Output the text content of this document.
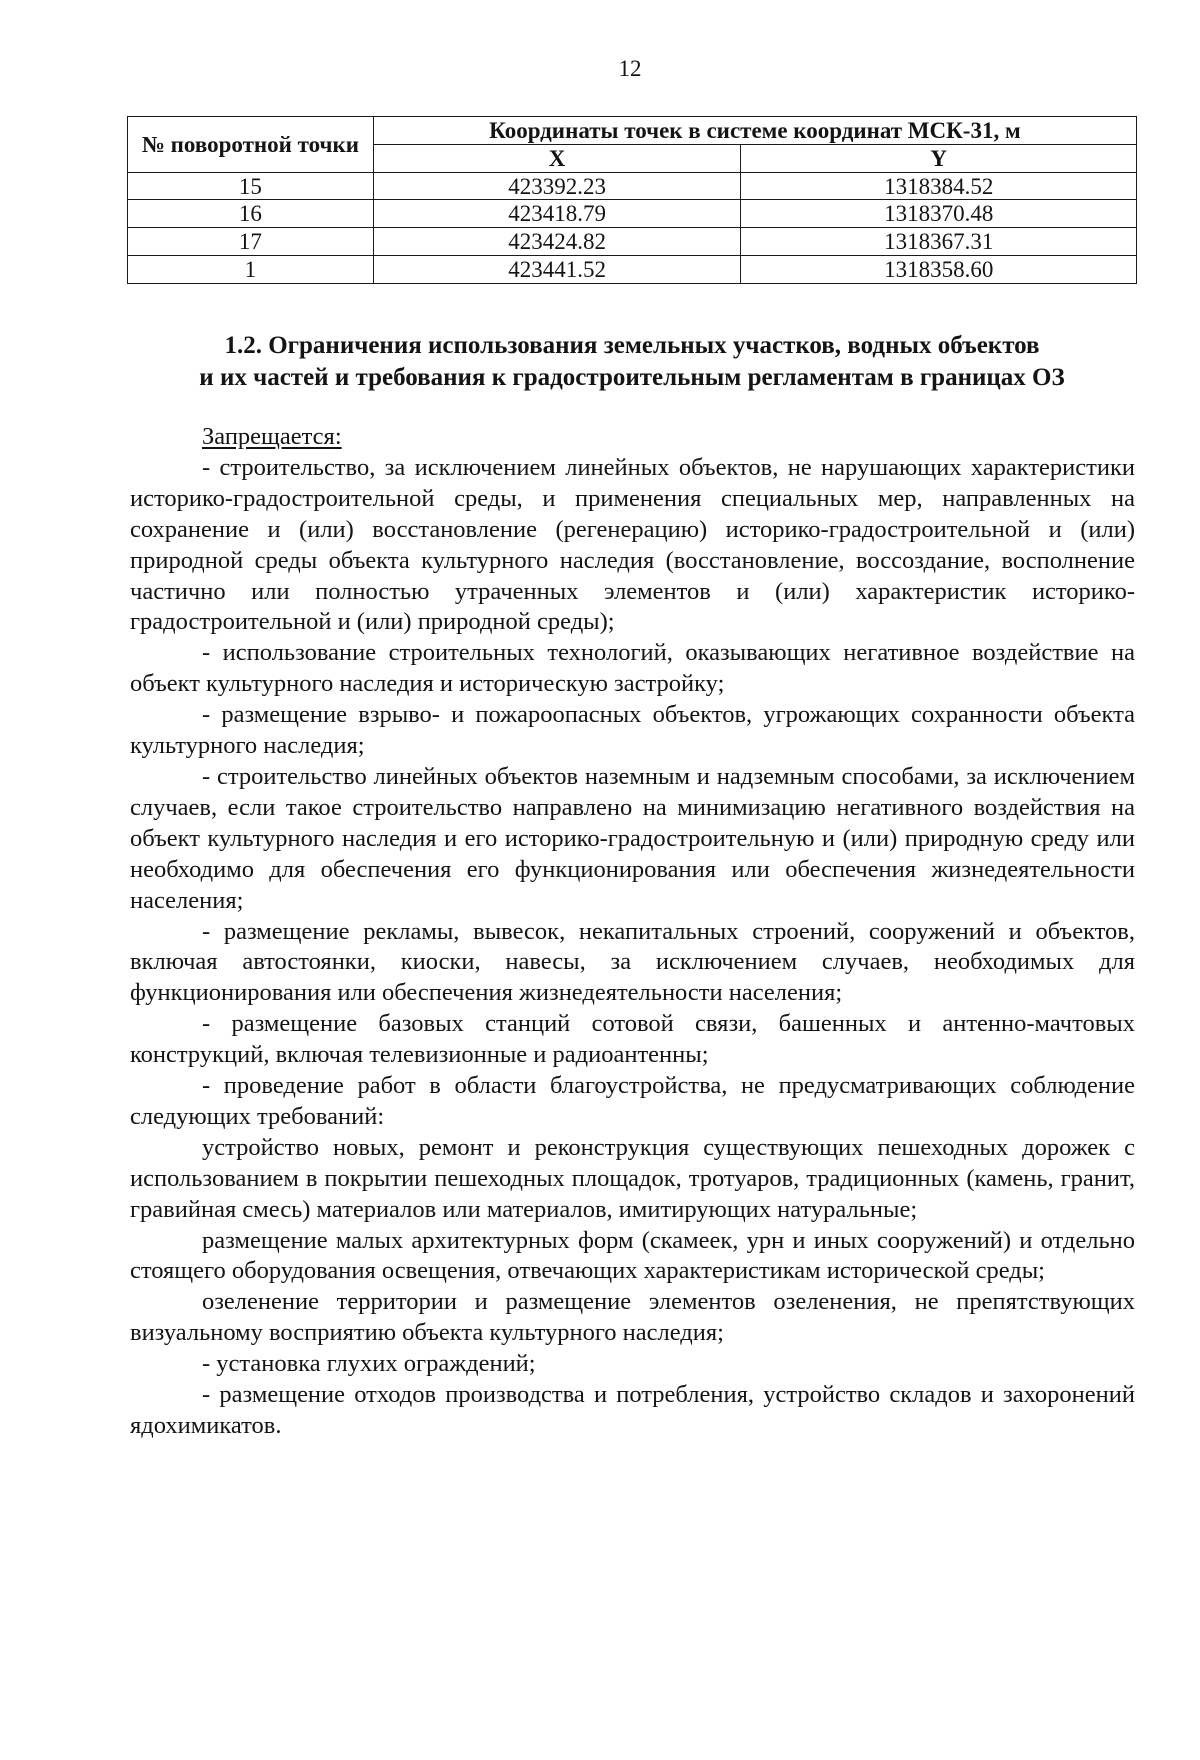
12
№ поворотной точки	Координаты точек в системе координат МСК-31, м	
	X	Y
15	423392.23	1318384.52
16	423418.79	1318370.48
17	423424.82	1318367.31
1	423441.52	1318358.60
1.2. Ограничения использования земельных участков, водных объектов
и их частей и требования к градостроительным регламентам в границах ОЗ

Запрещается:

- строительство, за исключением линейных объектов, не нарушающих характеристики историко-градостроительной среды, и применения специальных мер, направленных на сохранение и (или) восстановление (регенерацию) историко-градостроительной и (или) природной среды объекта культурного наследия (восстановление, воссоздание, восполнение частично или полностью утраченных элементов и (или) характеристик историко-градостроительной и (или) природной среды);

- использование строительных технологий, оказывающих негативное воздействие на объект культурного наследия и историческую застройку;

- размещение взрыво- и пожароопасных объектов, угрожающих сохранности объекта культурного наследия;

- строительство линейных объектов наземным и надземным способами, за исключением случаев, если такое строительство направлено на минимизацию негативного воздействия на объект культурного наследия и его историко-градостроительную и (или) природную среду или необходимо для обеспечения его функционирования или обеспечения жизнедеятельности населения;

- размещение рекламы, вывесок, некапитальных строений, сооружений и объектов, включая автостоянки, киоски, навесы, за исключением случаев, необходимых для функционирования или обеспечения жизнедеятельности населения;

- размещение базовых станций сотовой связи, башенных и антенно-мачтовых конструкций, включая телевизионные и радиоантенны;

- проведение работ в области благоустройства, не предусматривающих соблюдение следующих требований:

устройство новых, ремонт и реконструкция существующих пешеходных дорожек с использованием в покрытии пешеходных площадок, тротуаров, традиционных (камень, гранит, гравийная смесь) материалов или материалов, имитирующих натуральные;

размещение малых архитектурных форм (скамеек, урн и иных сооружений) и отдельно стоящего оборудования освещения, отвечающих характеристикам исторической среды;

озеленение территории и размещение элементов озеленения, не препятствующих визуальному восприятию объекта культурного наследия;

- установка глухих ограждений;

- размещение отходов производства и потребления, устройство складов и захоронений ядохимикатов.
